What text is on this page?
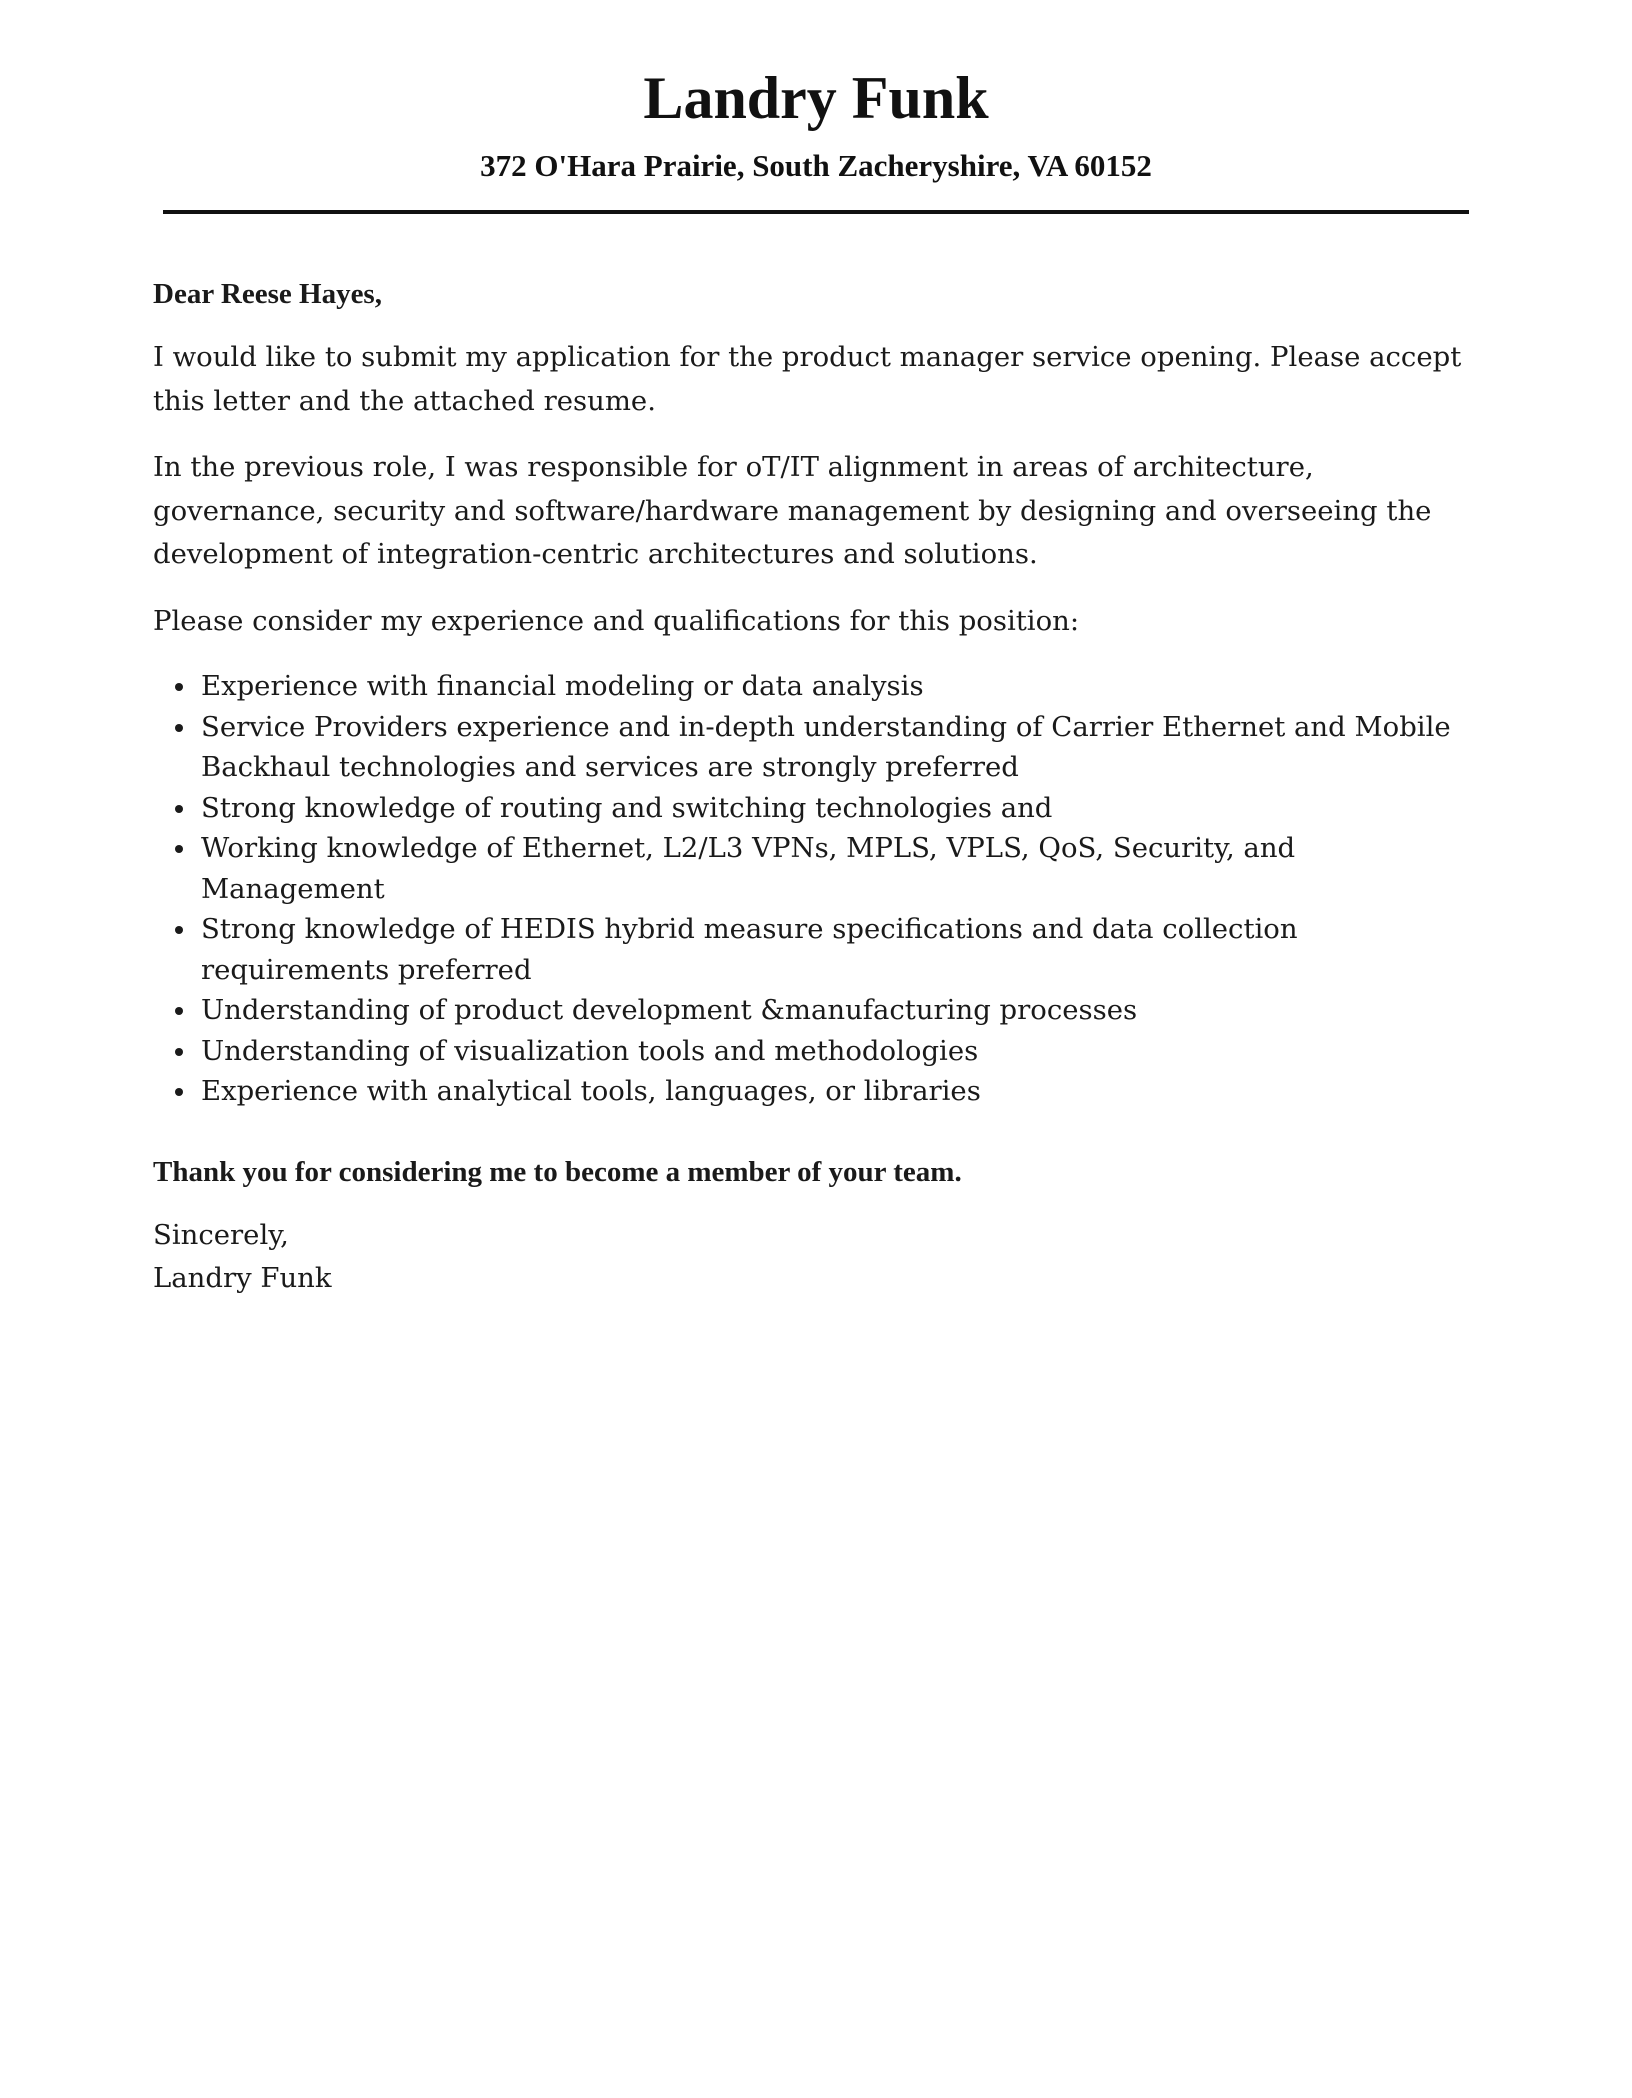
Landry Funk
372 O'Hara Prairie, South Zacheryshire, VA 60152

Dear Reese Hayes,

I would like to submit my application for the product manager service opening. Please accept this letter and the attached resume.

In the previous role, I was responsible for oT/IT alignment in areas of architecture, governance, security and software/hardware management by designing and overseeing the development of integration-centric architectures and solutions.

Please consider my experience and qualifications for this position:

Experience with financial modeling or data analysis
Service Providers experience and in-depth understanding of Carrier Ethernet and Mobile Backhaul technologies and services are strongly preferred
Strong knowledge of routing and switching technologies and
Working knowledge of Ethernet, L2/L3 VPNs, MPLS, VPLS, QoS, Security, and Management
Strong knowledge of HEDIS hybrid measure specifications and data collection requirements preferred
Understanding of product development &manufacturing processes
Understanding of visualization tools and methodologies
Experience with analytical tools, languages, or libraries

Thank you for considering me to become a member of your team.

Sincerely,

Landry Funk
